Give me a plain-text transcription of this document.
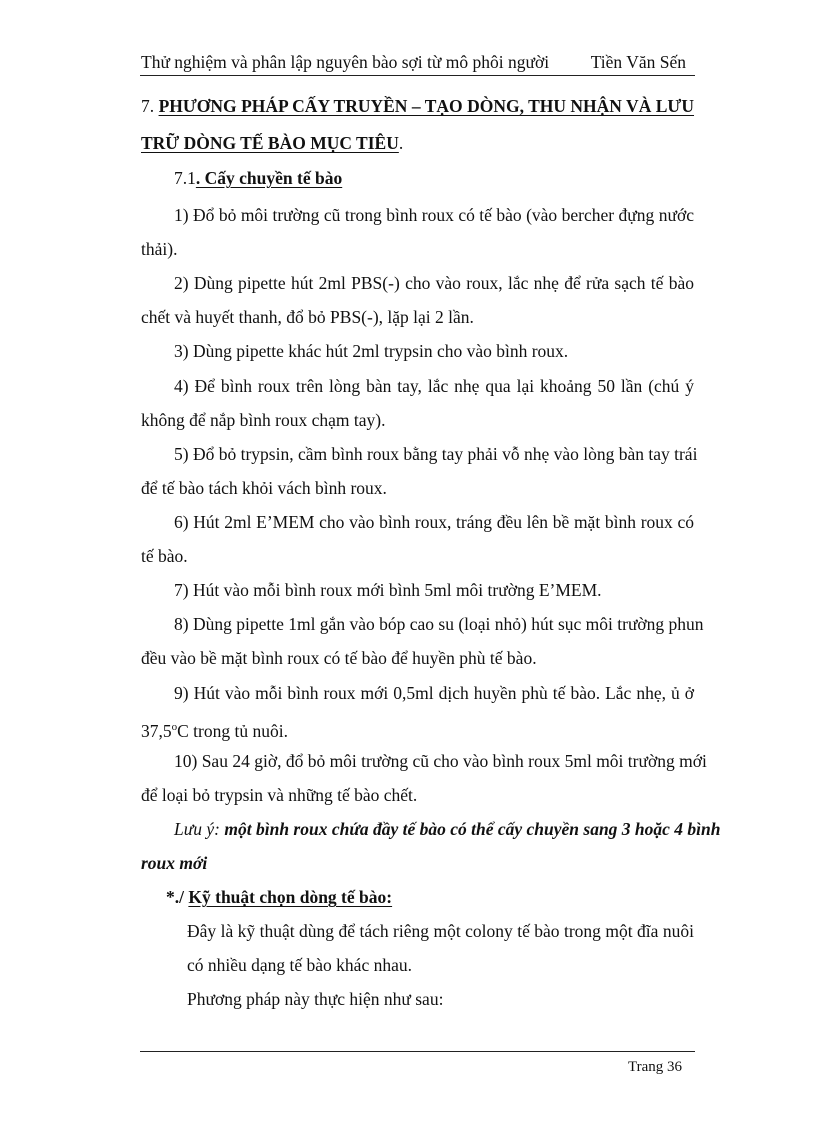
Thử nghiệm và phân lập nguyên bào sợi từ mô phôi người Tiền Văn Sến
7. PHƯƠNG PHÁP CẤY TRUYỀN – TẠO DÒNG, THU NHẬN VÀ LƯU
TRỮ DÒNG TẾ BÀO MỤC TIÊU.
7.1. Cấy chuyền tế bào
1) Đổ bỏ môi trường cũ trong bình roux có tế bào (vào bercher đựng nước
thải).
2) Dùng pipette hút 2ml PBS(-) cho vào roux, lắc nhẹ để rửa sạch tế bào
chết và huyết thanh, đổ bỏ PBS(-), lặp lại 2 lần.
3) Dùng pipette khác hút 2ml trypsin cho vào bình roux.
4) Để bình roux trên lòng bàn tay, lắc nhẹ qua lại khoảng 50 lần (chú ý
không để nắp bình roux chạm tay).
5) Đổ bỏ trypsin, cầm bình roux bằng tay phải vỗ nhẹ vào lòng bàn tay trái
để tế bào tách khỏi vách bình roux.
6) Hút 2ml E’MEM cho vào bình roux, tráng đều lên bề mặt bình roux có
tế bào.
7) Hút vào mỗi bình roux mới bình 5ml môi trường E’MEM.
8) Dùng pipette 1ml gắn vào bóp cao su (loại nhỏ) hút sục môi trường phun
đều vào bề mặt bình roux có tế bào để huyền phù tế bào.
9) Hút vào mỗi bình roux mới 0,5ml dịch huyền phù tế bào. Lắc nhẹ, ủ ở
37,5$^o$C trong tủ nuôi.
10) Sau 24 giờ, đổ bỏ môi trường cũ cho vào bình roux 5ml môi trường mới
để loại bỏ trypsin và những tế bào chết.
Lưu ý: một bình roux chứa đầy tế bào có thể cấy chuyền sang 3 hoặc 4 bình
roux mới
*./ Kỹ thuật chọn dòng tế bào:
Đây là kỹ thuật dùng để tách riêng một colony tế bào trong một đĩa nuôi
có nhiều dạng tế bào khác nhau.
Phương pháp này thực hiện như sau:
Trang 36
